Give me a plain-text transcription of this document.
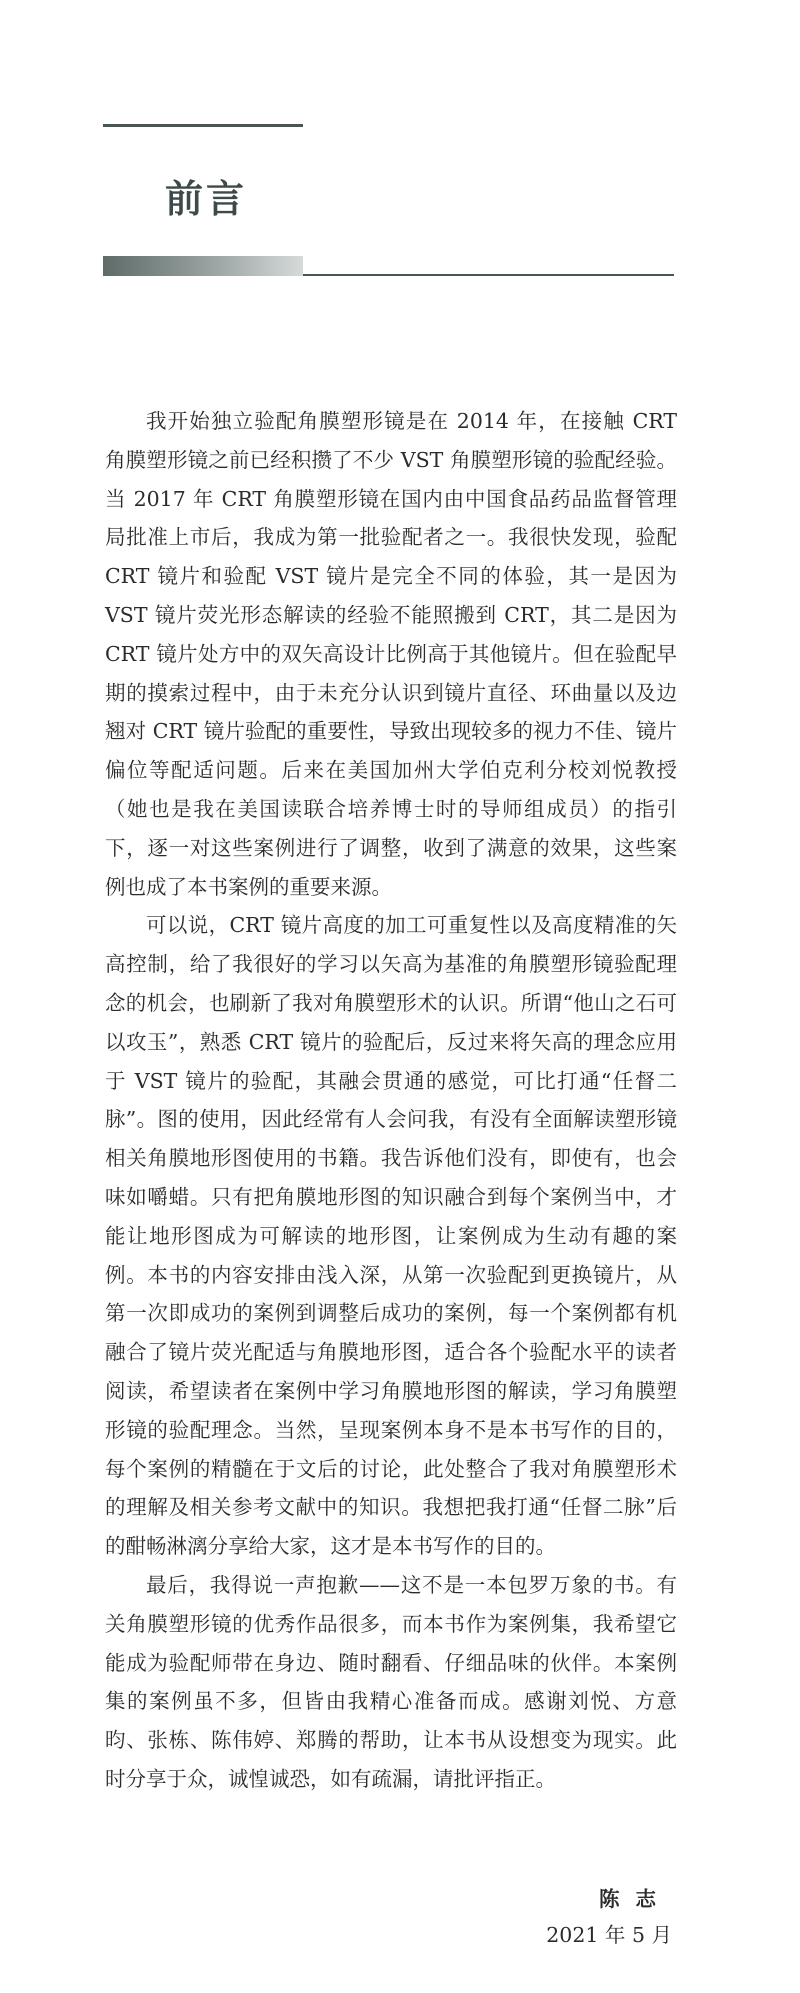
前言

我开始独立验配角膜塑形镜是在 2014 年，在接触 CRT 角膜塑形镜之前已经积攒了不少 VST 角膜塑形镜的验配经验。当 2017 年 CRT 角膜塑形镜在国内由中国食品药品监督管理局批准上市后，我成为第一批验配者之一。我很快发现，验配 CRT 镜片和验配 VST 镜片是完全不同的体验，其一是因为 VST 镜片荧光形态解读的经验不能照搬到 CRT，其二是因为 CRT 镜片处方中的双矢高设计比例高于其他镜片。但在验配早期的摸索过程中，由于未充分认识到镜片直径、环曲量以及边翘对 CRT 镜片验配的重要性，导致出现较多的视力不佳、镜片偏位等配适问题。后来在美国加州大学伯克利分校刘悦教授（她也是我在美国读联合培养博士时的导师组成员）的指引下，逐一对这些案例进行了调整，收到了满意的效果，这些案例也成了本书案例的重要来源。

可以说，CRT 镜片高度的加工可重复性以及高度精准的矢高控制，给了我很好的学习以矢高为基准的角膜塑形镜验配理念的机会，也刷新了我对角膜塑形术的认识。所谓“他山之石可以攻玉”，熟悉 CRT 镜片的验配后，反过来将矢高的理念应用于 VST 镜片的验配，其融会贯通的感觉，可比打通“任督二脉”。图的使用，因此经常有人会问我，有没有全面解读塑形镜相关角膜地形图使用的书籍。我告诉他们没有，即使有，也会味如嚼蜡。只有把角膜地形图的知识融合到每个案例当中，才能让地形图成为可解读的地形图，让案例成为生动有趣的案例。本书的内容安排由浅入深，从第一次验配到更换镜片，从第一次即成功的案例到调整后成功的案例，每一个案例都有机融合了镜片荧光配适与角膜地形图，适合各个验配水平的读者阅读，希望读者在案例中学习角膜地形图的解读，学习角膜塑形镜的验配理念。当然，呈现案例本身不是本书写作的目的，每个案例的精髓在于文后的讨论，此处整合了我对角膜塑形术的理解及相关参考文献中的知识。我想把我打通“任督二脉”后的酣畅淋漓分享给大家，这才是本书写作的目的。

最后，我得说一声抱歉——这不是一本包罗万象的书。有关角膜塑形镜的优秀作品很多，而本书作为案例集，我希望它能成为验配师带在身边、随时翻看、仔细品味的伙伴。本案例集的案例虽不多，但皆由我精心准备而成。感谢刘悦、方意昀、张栋、陈伟婷、郑腾的帮助，让本书从设想变为现实。此时分享于众，诚惶诚恐，如有疏漏，请批评指正。

陈志
2021 年 5 月
